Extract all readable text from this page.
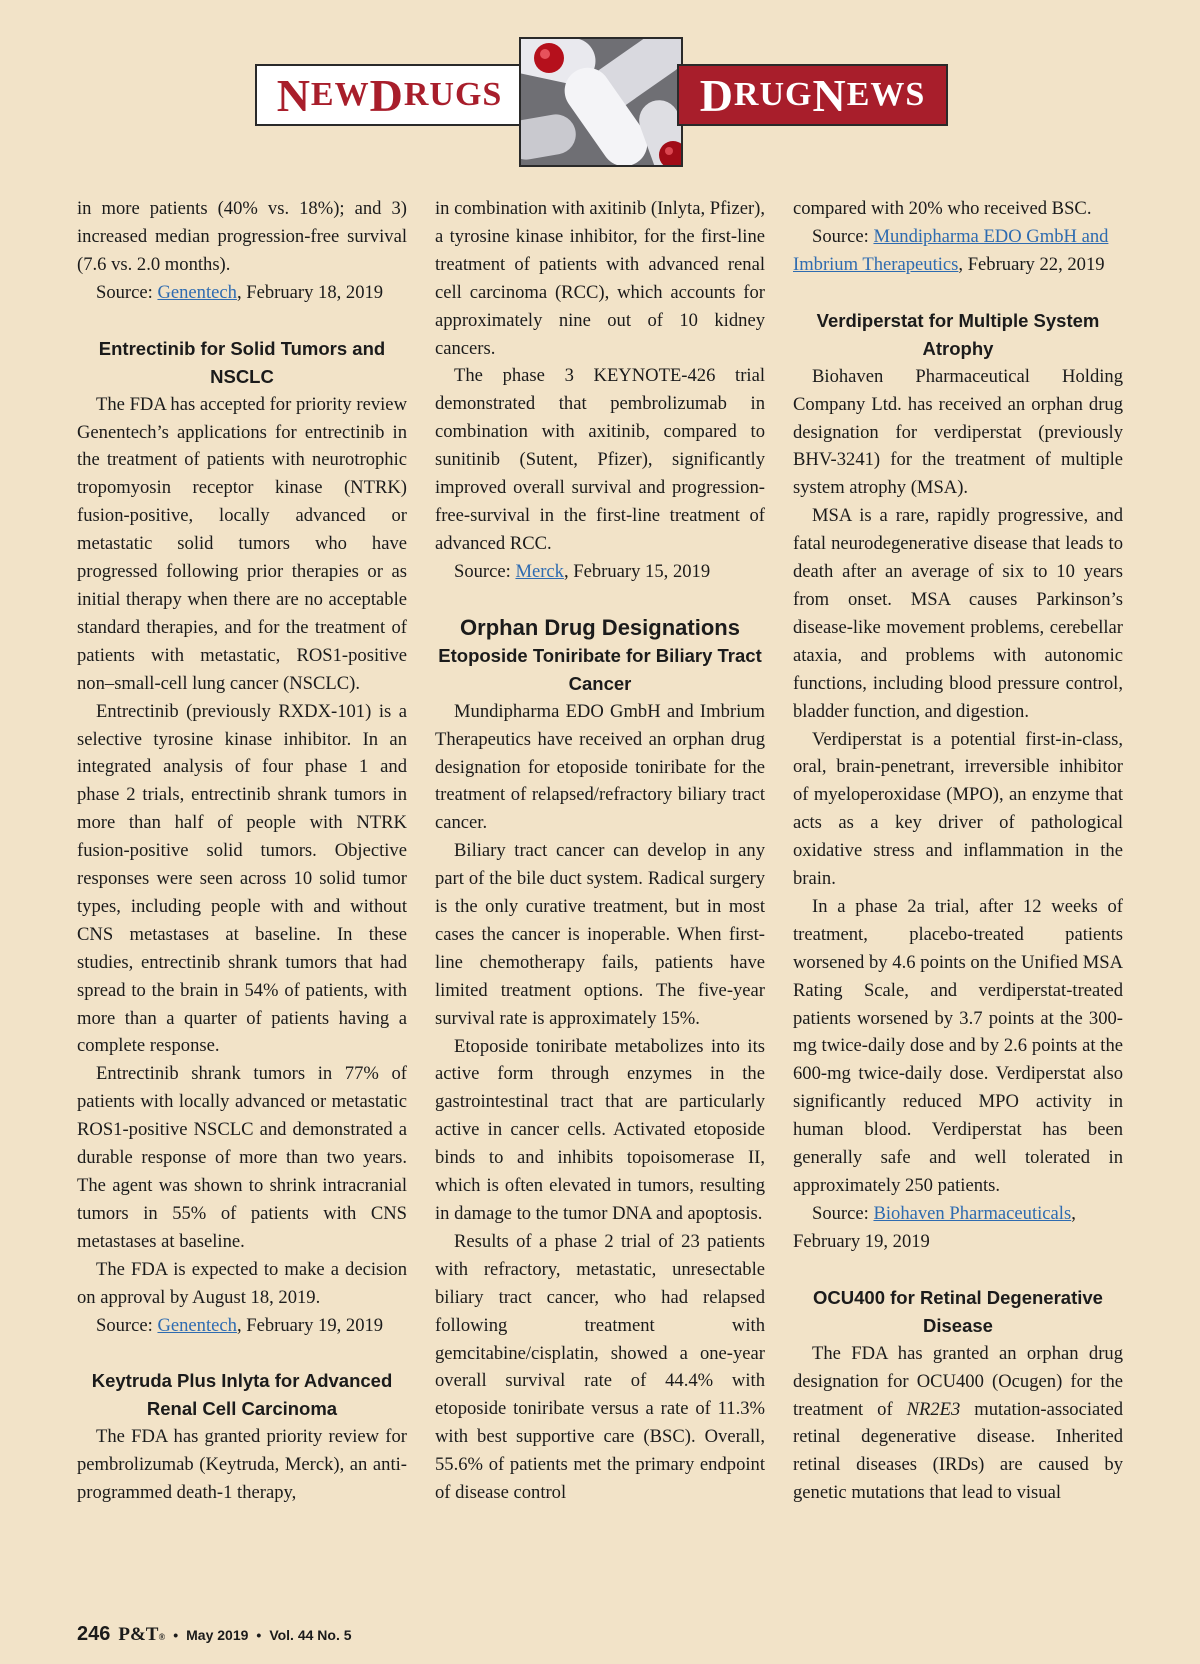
N EW D RUGS	D RUG N EWS

in more patients (40% vs. 18%); and 3) increased median progression-free survival (7.6 vs. 2.0 months).

Source: Genentech, February 18, 2019

Entrectinib for Solid Tumors and NSCLC

The FDA has accepted for priority review Genentech’s applications for entrectinib in the treatment of patients with neurotrophic tropomyosin receptor kinase (NTRK) fusion-positive, locally advanced or metastatic solid tumors who have progressed following prior therapies or as initial therapy when there are no acceptable standard therapies, and for the treatment of patients with metastatic, ROS1-positive non–small-cell lung cancer (NSCLC).

Entrectinib (previously RXDX-101) is a selective tyrosine kinase inhibitor. In an integrated analysis of four phase 1 and phase 2 trials, entrectinib shrank tumors in more than half of people with NTRK fusion-positive solid tumors. Objective responses were seen across 10 solid tumor types, including people with and without CNS metastases at baseline. In these studies, entrectinib shrank tumors that had spread to the brain in 54% of patients, with more than a quarter of patients having a complete response.

Entrectinib shrank tumors in 77% of patients with locally advanced or metastatic ROS1-positive NSCLC and demonstrated a durable response of more than two years. The agent was shown to shrink intracranial tumors in 55% of patients with CNS metastases at baseline.

The FDA is expected to make a decision on approval by August 18, 2019.

Source: Genentech, February 19, 2019

Keytruda Plus Inlyta for Advanced Renal Cell Carcinoma

The FDA has granted priority review for pembrolizumab (Keytruda, Merck), an anti-programmed death-1 therapy,

in combination with axitinib (Inlyta, Pfizer), a tyrosine kinase inhibitor, for the first-line treatment of patients with advanced renal cell carcinoma (RCC), which accounts for approximately nine out of 10 kidney cancers.

The phase 3 KEYNOTE-426 trial demonstrated that pembrolizumab in combination with axitinib, compared to sunitinib (Sutent, Pfizer), significantly improved overall survival and progression-free-survival in the first-line treatment of advanced RCC.

Source: Merck, February 15, 2019

Orphan Drug Designations
Etoposide Toniribate for Biliary Tract Cancer

Mundipharma EDO GmbH and Imbrium Therapeutics have received an orphan drug designation for etoposide toniribate for the treatment of relapsed/refractory biliary tract cancer.

Biliary tract cancer can develop in any part of the bile duct system. Radical surgery is the only curative treatment, but in most cases the cancer is inoperable. When first-line chemotherapy fails, patients have limited treatment options. The five-year survival rate is approximately 15%.

Etoposide toniribate metabolizes into its active form through enzymes in the gastrointestinal tract that are particularly active in cancer cells. Activated etoposide binds to and inhibits topoisomerase II, which is often elevated in tumors, resulting in damage to the tumor DNA and apoptosis.

Results of a phase 2 trial of 23 patients with refractory, metastatic, unresectable biliary tract cancer, who had relapsed following treatment with gemcitabine/cisplatin, showed a one-year overall survival rate of 44.4% with etoposide toniribate versus a rate of 11.3% with best supportive care (BSC). Overall, 55.6% of patients met the primary endpoint of disease control

compared with 20% who received BSC.

Source: Mundipharma EDO GmbH and Imbrium Therapeutics, February 22, 2019

Verdiperstat for Multiple System Atrophy

Biohaven Pharmaceutical Holding Company Ltd. has received an orphan drug designation for verdiperstat (previously BHV-3241) for the treatment of multiple system atrophy (MSA).

MSA is a rare, rapidly progressive, and fatal neurodegenerative disease that leads to death after an average of six to 10 years from onset. MSA causes Parkinson’s disease-like movement problems, cerebellar ataxia, and problems with autonomic functions, including blood pressure control, bladder function, and digestion.

Verdiperstat is a potential first-in-class, oral, brain-penetrant, irreversible inhibitor of myeloperoxidase (MPO), an enzyme that acts as a key driver of pathological oxidative stress and inflammation in the brain.

In a phase 2a trial, after 12 weeks of treatment, placebo-treated patients worsened by 4.6 points on the Unified MSA Rating Scale, and verdiperstat-treated patients worsened by 3.7 points at the 300-mg twice-daily dose and by 2.6 points at the 600-mg twice-daily dose. Verdiperstat also significantly reduced MPO activity in human blood. Verdiperstat has been generally safe and well tolerated in approximately 250 patients.

Source: Biohaven Pharmaceuticals, February 19, 2019

OCU400 for Retinal Degenerative Disease

The FDA has granted an orphan drug designation for OCU400 (Ocugen) for the treatment of NR2E3 mutation-associated retinal degenerative disease. Inherited retinal diseases (IRDs) are caused by genetic mutations that lead to visual

246 P&T® • May 2019 • Vol. 44 No. 5
